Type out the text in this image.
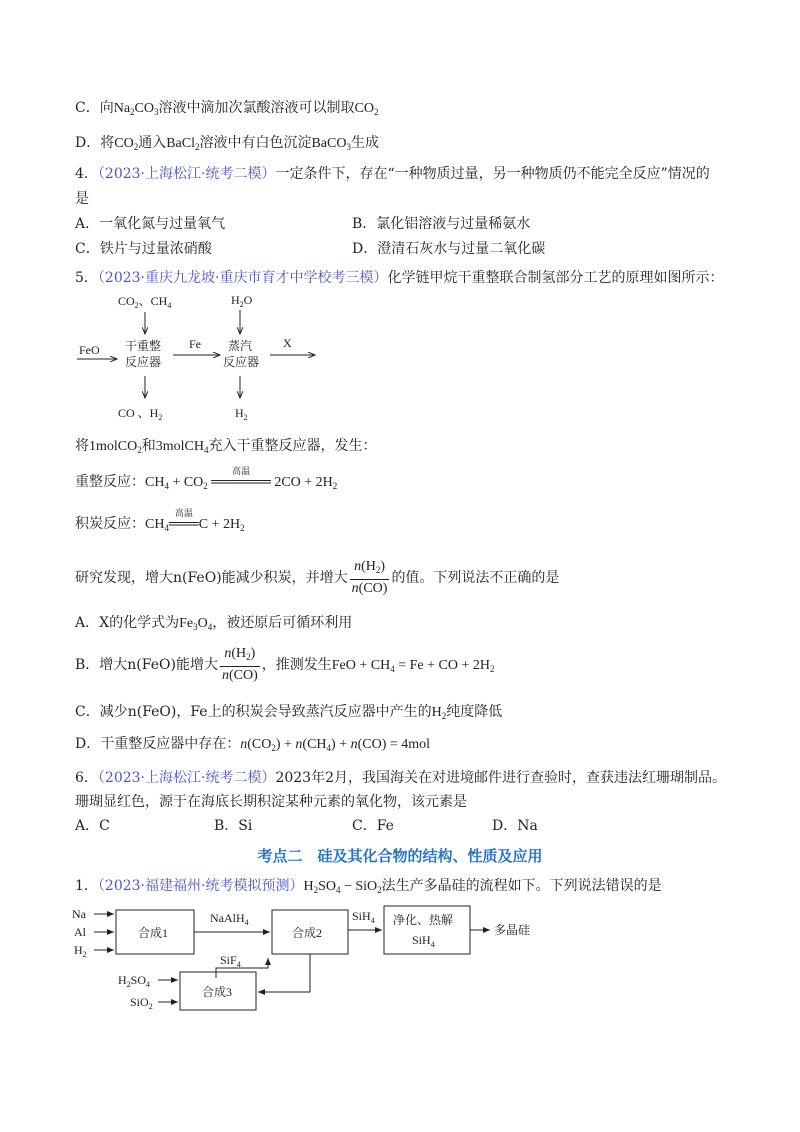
C．向$Na_2CO_3$溶液中滴加次氯酸溶液可以制取$CO_2$
D．将$CO_2$通入BaCl$_2$溶液中有白色沉淀BaCO$_3$生成
4．（2023·上海松江·统考二模）一定条件下，存在“一种物质过量，另一种物质仍不能完全反应”情况的
是
A．一氧化氮与过量氧气	B．氯化铝溶液与过量稀氨水
C．铁片与过量浓硝酸	D．澄清石灰水与过量二氧化碳
5．（2023·重庆九龙坡·重庆市育才中学校考三模）化学链甲烷干重整联合制氢部分工艺的原理如图所示：
$CO_2$、$CH_4$	$H_2O$
FeO 干重整
反应器
Fe 蒸汽
反应器
X
CO 、$H_2$	$H_2$
将1molCO$_2$和3molCH$_4$充入干重整反应器，发生：
重整反应：$CH_4 + CO_2$ ══════
高温
$2CO + 2H_2$
积炭反应：$CH_4═══$
高温
$C + 2H_2$
研究发现，增大n(FeO)能减少积炭，并增大 $\frac{n(H_2)}{n(CO)}$ 的值。下列说法不正确的是
A．X的化学式为$Fe_3O_4$，被还原后可循环利用
B．增大n(FeO)能增大 $\frac{n(H_2)}{n(CO)}$ ，推测发生FeO + $CH_4 = Fe$ + CO + $2H_2$
C．减少n(FeO)，Fe上的积炭会导致蒸汽反应器中产生的$H_2$纯度降低
D．干重整反应器中存在：$n(CO_2) + n(CH_4) + n(CO) = 4mol$
6．（2023·上海松江·统考二模）2023年2月，我国海关在对进境邮件进行查验时，查获违法红珊瑚制品。
珊瑚显红色，源于在海底长期积淀某种元素的氧化物，该元素是
A．C	B．Si	C．Fe	D．Na
考点二　硅及其化合物的结构、性质及应用
1．（2023·福建福州·统考模拟预测）$H_2SO_4 - SiO_2$法生产多晶硅的流程如下。下列说法错误的是
Na
Al
$H_2$
合成1
NaAlH$_4$
合成2
SiH$_4$ 净化、热解
SiH$_4$
多晶硅
SiF$_4$
合成3
$H_2SO_4$
SiO$_2$
